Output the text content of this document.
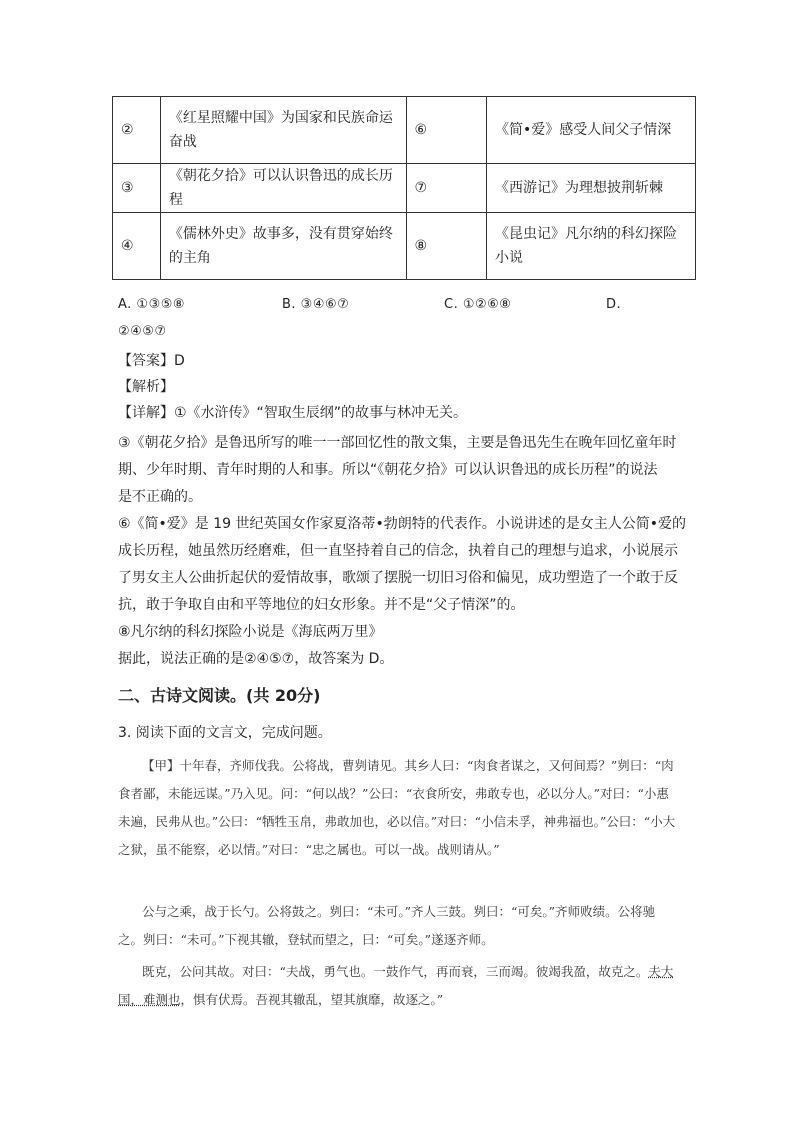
②	《红星照耀中国》为国家和民族命运奋战	⑥	《简•爱》感受人间父子情深
③	《朝花夕拾》可以认识鲁迅的成长历程	⑦	《西游记》为理想披荆斩棘
④	《儒林外史》故事多，没有贯穿始终的主角	⑧	《昆虫记》凡尔纳的科幻探险小说
A. ①③⑤⑧	B. ③④⑥⑦	C. ①②⑥⑧	D.
②④⑤⑦
【答案】D
【解析】
【详解】①《水浒传》“智取生辰纲”的故事与林冲无关。
③《朝花夕拾》是鲁迅所写的唯一一部回忆性的散文集，主要是鲁迅先生在晚年回忆童年时
期、少年时期、青年时期的人和事。所以“《朝花夕拾》可以认识鲁迅的成长历程”的说法
是不正确的。
⑥《简•爱》是 19 世纪英国女作家夏洛蒂•勃朗特的代表作。小说讲述的是女主人公简•爱的
成长历程，她虽然历经磨难，但一直坚持着自己的信念，执着自己的理想与追求，小说展示
了男女主人公曲折起伏的爱情故事，歌颂了摆脱一切旧习俗和偏见，成功塑造了一个敢于反
抗，敢于争取自由和平等地位的妇女形象。并不是“父子情深”的。
⑧凡尔纳的科幻探险小说是《海底两万里》
据此，说法正确的是②④⑤⑦，故答案为 D。
二、古诗文阅读。(共 20分)
3. 阅读下面的文言文，完成问题。

【甲】十年春，齐师伐我。公将战，曹刿请见。其乡人曰：“肉食者谋之，又何间焉？”刿曰：“肉食者鄙，未能远谋。”乃入见。问：“何以战？”公曰：“衣食所安，弗敢专也，必以分人。”对曰：“小惠未遍，民弗从也。”公曰：“牺牲玉帛，弗敢加也，必以信。”对曰：“小信未孚，神弗福也。”公曰：“小大之狱，虽不能察，必以情。”对曰：“忠之属也。可以一战。战则请从。”

公与之乘，战于长勺。公将鼓之。刿曰：“未可。”齐人三鼓。刿曰：“可矣。”齐师败绩。公将驰之。刿曰：“未可。”下视其辙，登轼而望之，曰：“可矣。”遂逐齐师。

既克，公问其故。对曰：“夫战，勇气也。一鼓作气，再而衰，三而竭。彼竭我盈，故克之。夫大国，难测也，惧有伏焉。吾视其辙乱，望其旗靡，故逐之。”
